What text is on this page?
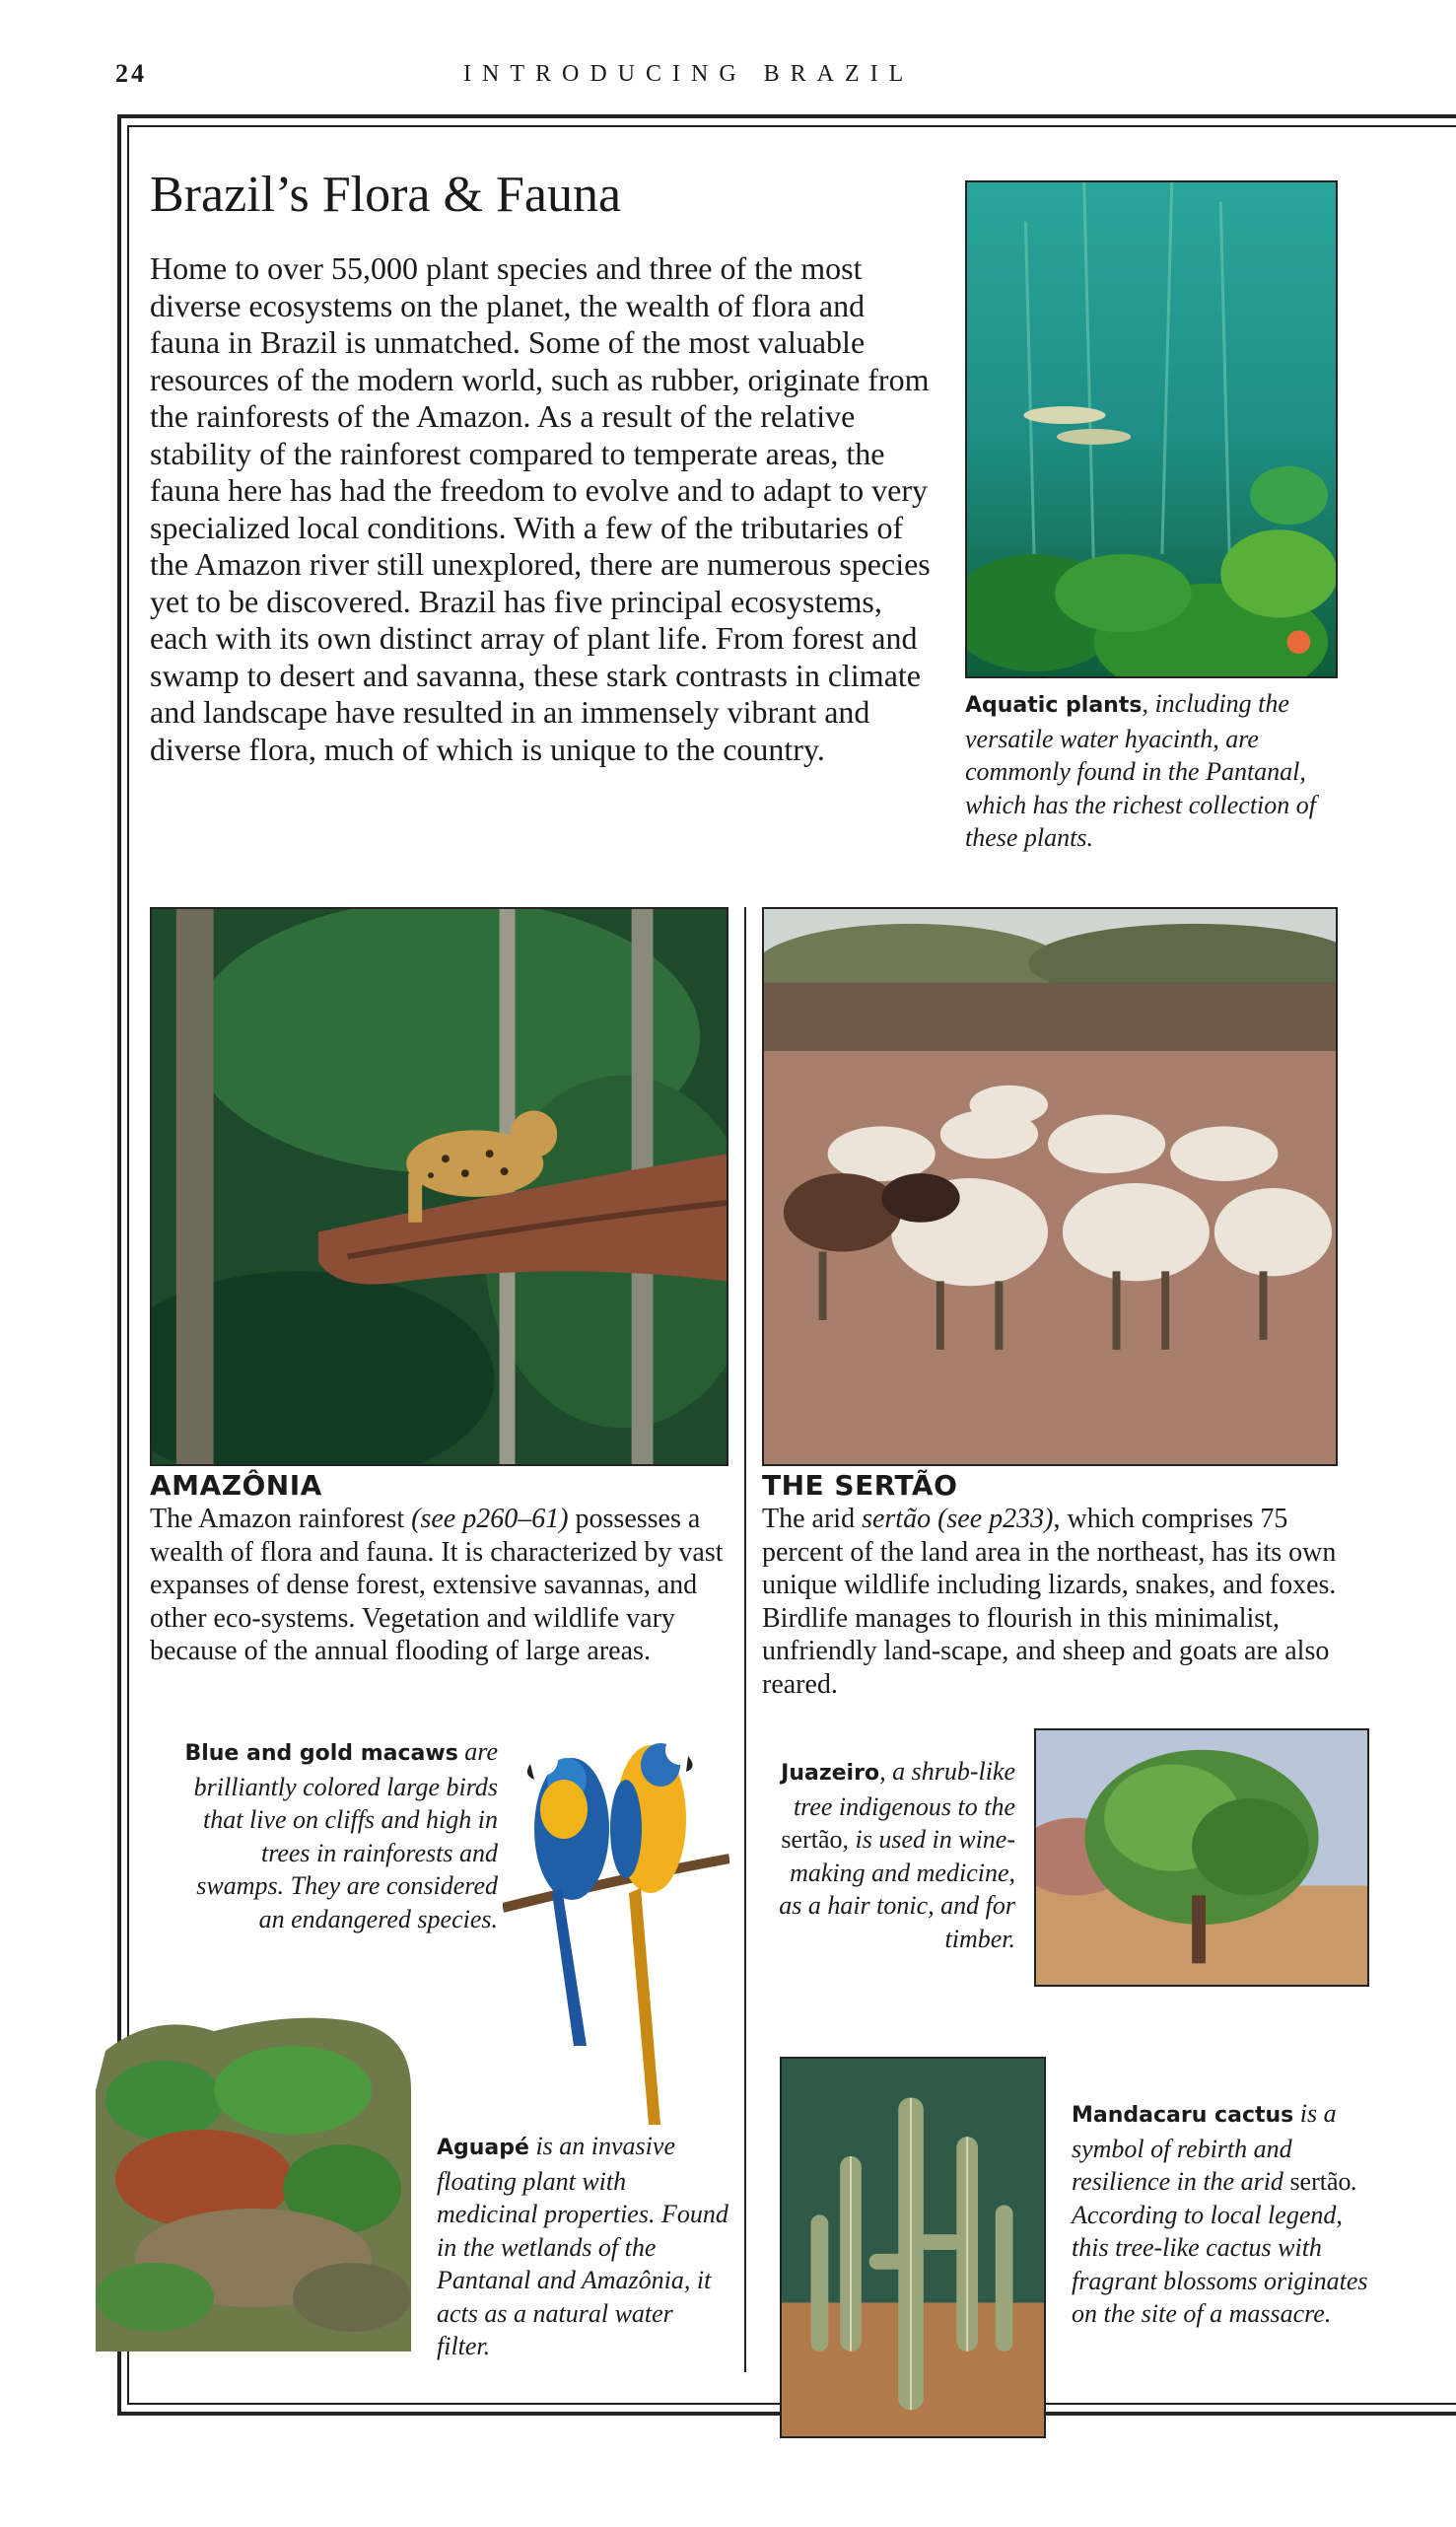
24	INTRODUCING BRAZIL
Brazil’s Flora & Fauna

Home to over 55,000 plant species and three of the most diverse ecosystems on the planet, the wealth of flora and fauna in Brazil is unmatched. Some of the most valuable resources of the modern world, such as rubber, originate from the rainforests of the Amazon. As a result of the relative stability of the rainforest compared to temperate areas, the fauna here has had the freedom to evolve and to adapt to very specialized local conditions. With a few of the tributaries of the Amazon river still unexplored, there are numerous species yet to be discovered. Brazil has five principal ecosystems, each with its own distinct array of plant life. From forest and swamp to desert and savanna, these stark contrasts in climate and landscape have resulted in an immensely vibrant and diverse flora, much of which is unique to the country.

Aquatic plants, including the versatile water hyacinth, are commonly found in the Pantanal, which has the richest collection of these plants.

AMAZÔNIA

The Amazon rainforest (see p260–61) possesses a wealth of flora and fauna. It is characterized by vast expanses of dense forest, extensive savannas, and other eco-systems. Vegetation and wildlife vary because of the annual flooding of large areas.

THE SERTÃO

The arid sertão (see p233), which comprises 75 percent of the land area in the northeast, has its own unique wildlife including lizards, snakes, and foxes. Birdlife manages to flourish in this minimalist, unfriendly land-scape, and sheep and goats are also reared.

Blue and gold macaws are brilliantly colored large birds that live on cliffs and high in trees in rainforests and swamps. They are considered an endangered species.

Juazeiro, a shrub-like tree indigenous to the sertão, is used in wine-making and medicine, as a hair tonic, and for timber.

Aguapé is an invasive floating plant with medicinal properties. Found in the wetlands of the Pantanal and Amazônia, it acts as a natural water filter.

Mandacaru cactus is a symbol of rebirth and resilience in the arid sertão. According to local legend, this tree-like cactus with fragrant blossoms originates on the site of a massacre.
